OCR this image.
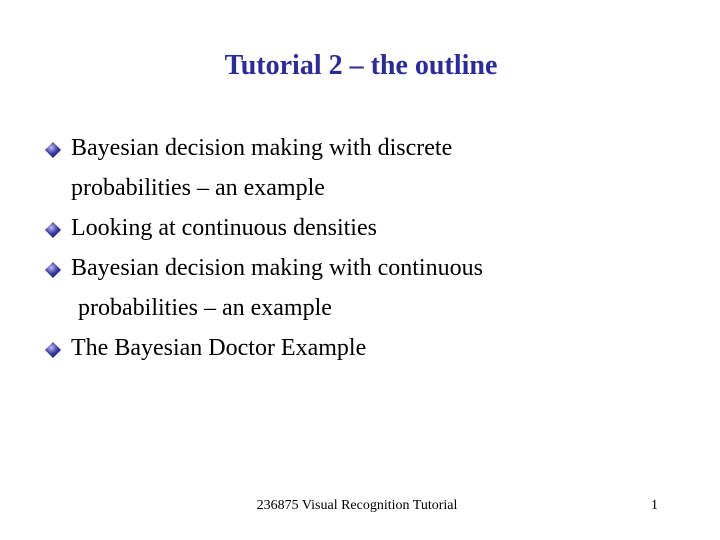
Tutorial 2 – the outline
Bayesian decision making with discrete
probabilities – an example
Looking at continuous densities
Bayesian decision making with continuous
probabilities – an example
The Bayesian Doctor Example
236875 Visual Recognition Tutorial	1
